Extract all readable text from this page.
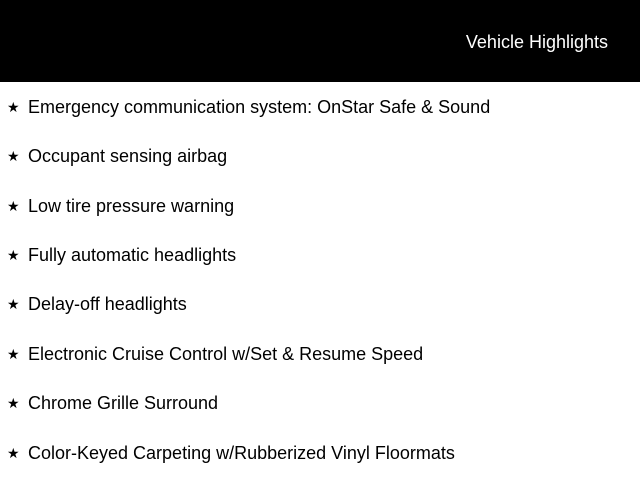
Vehicle Highlights
★ Emergency communication system: OnStar Safe & Sound
★ Occupant sensing airbag
★ Low tire pressure warning
★ Fully automatic headlights
★ Delay-off headlights
★ Electronic Cruise Control w/Set & Resume Speed
★ Chrome Grille Surround
★ Color-Keyed Carpeting w/Rubberized Vinyl Floormats
